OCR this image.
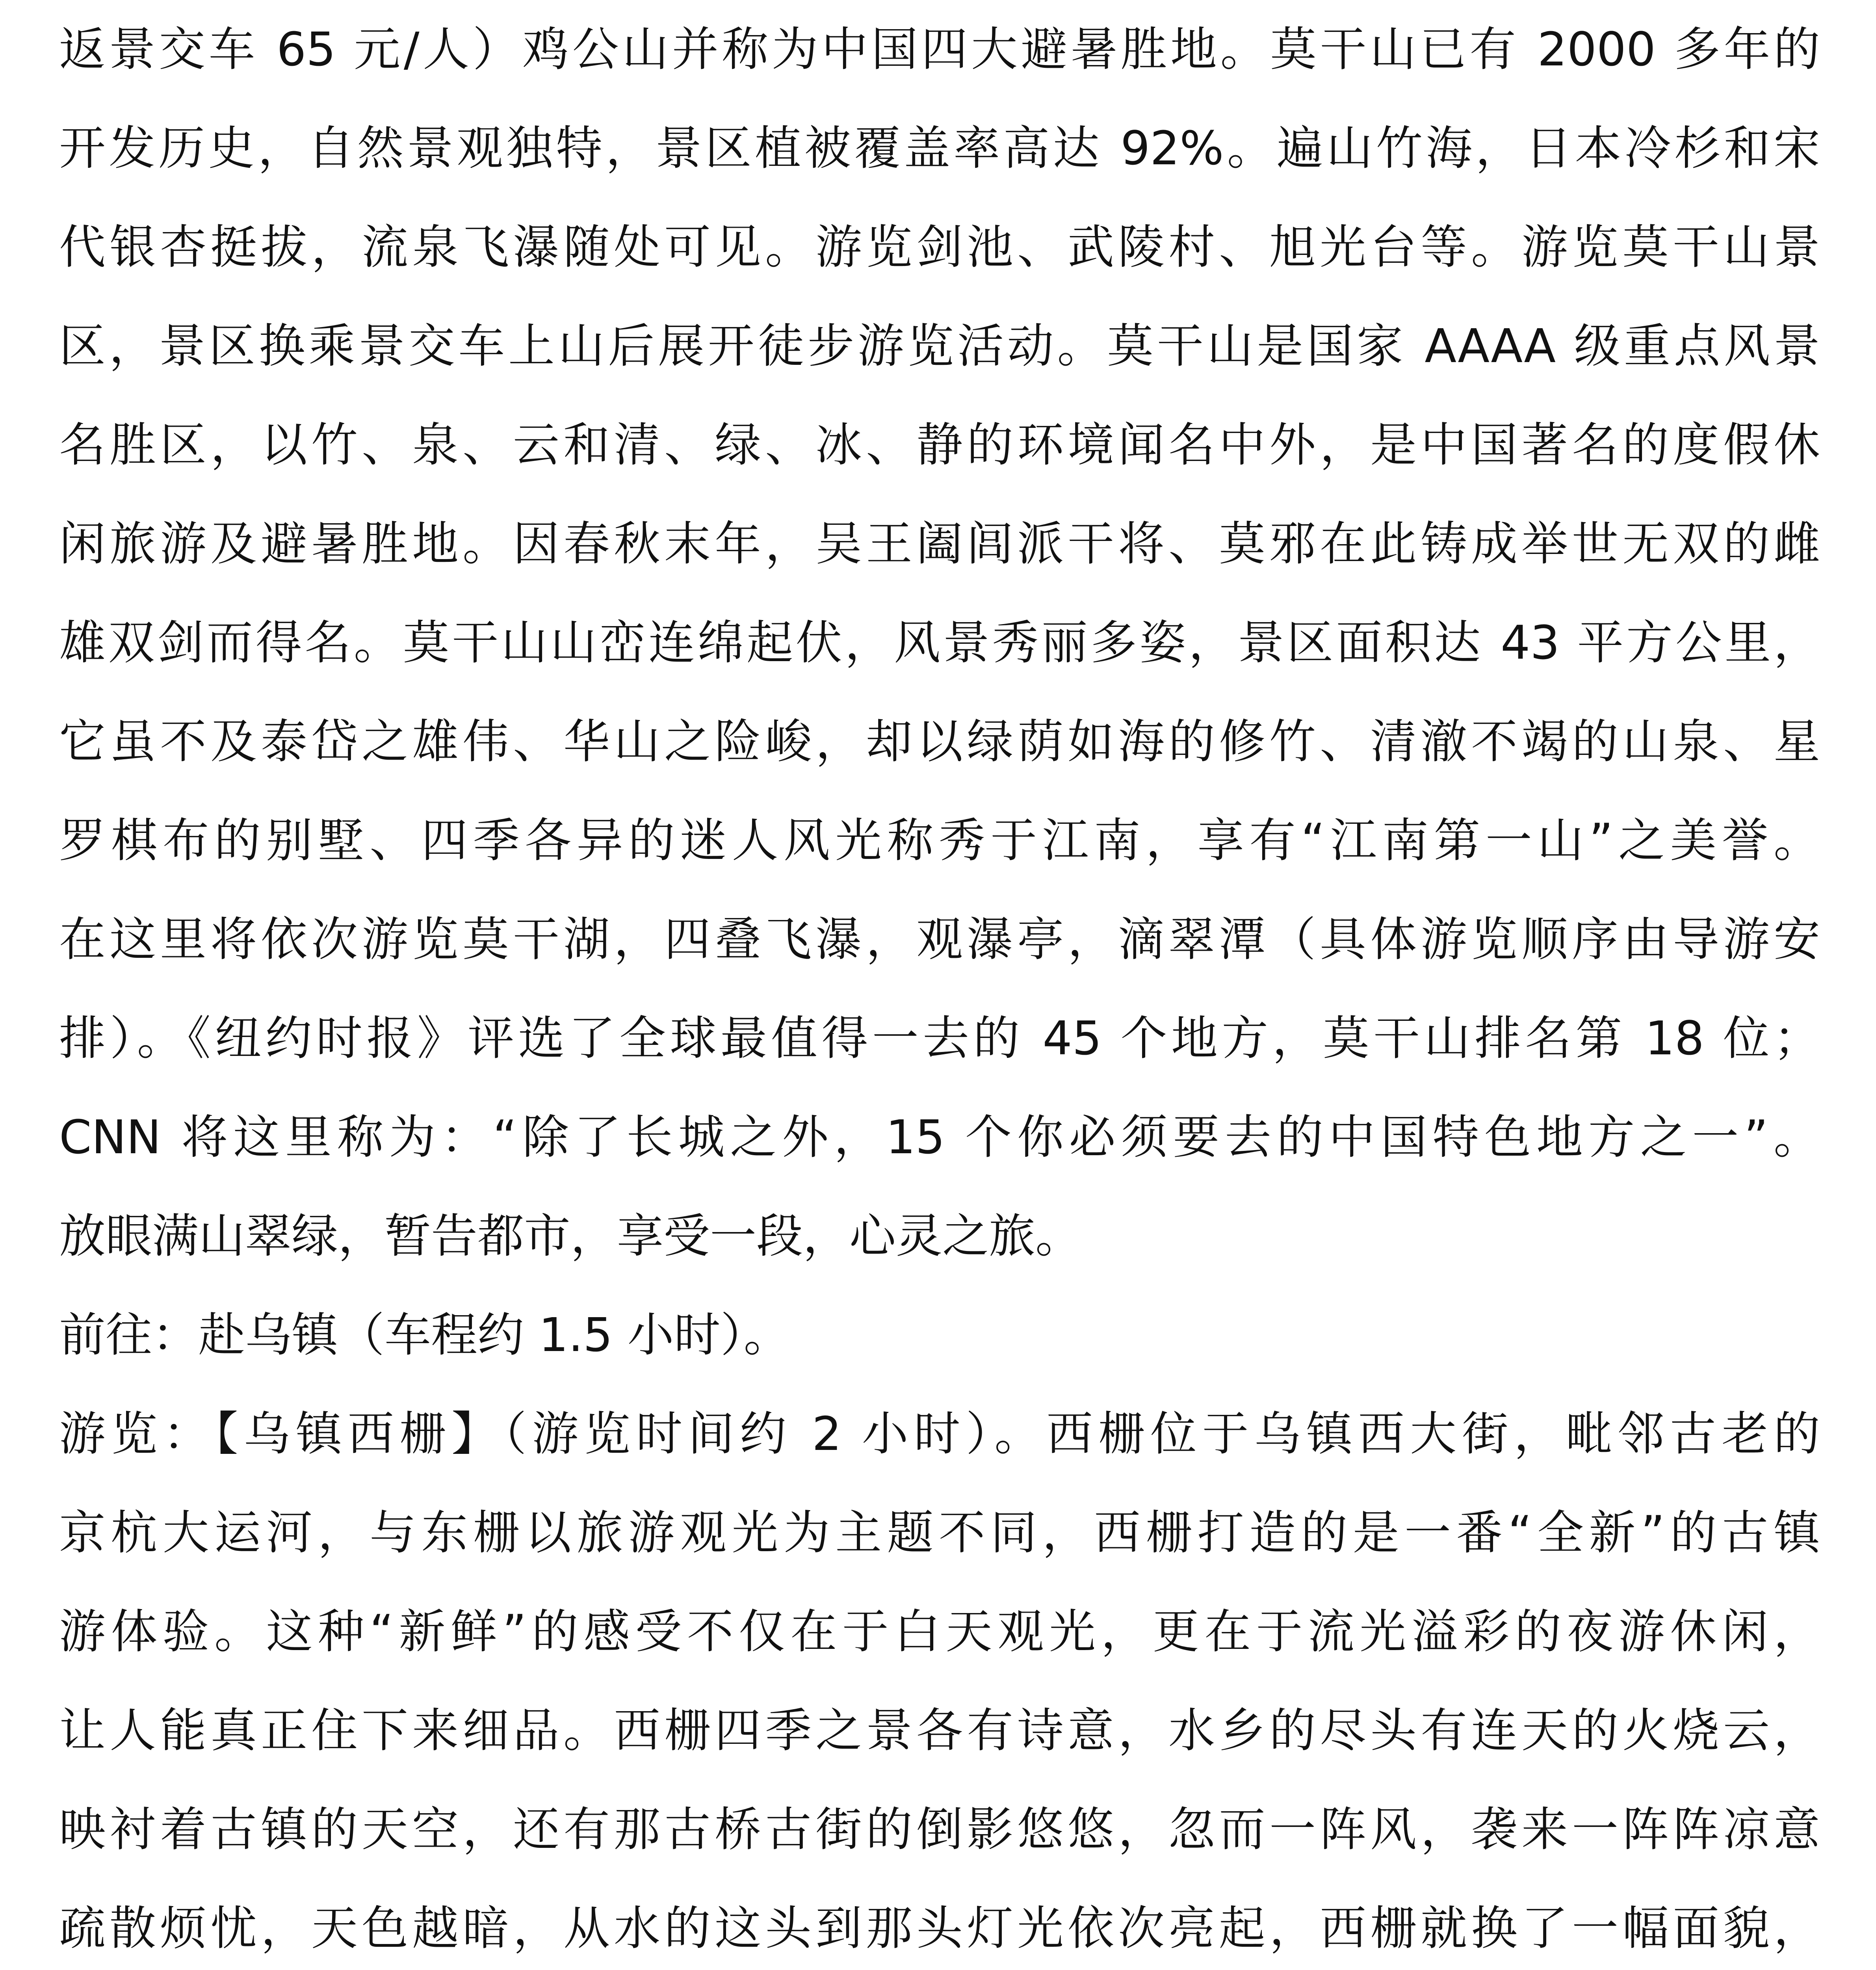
返景交车 65 元/人）鸡公山并称为中国四大避暑胜地。莫干山已有 2000 多年的
开发历史，自然景观独特，景区植被覆盖率高达 92%。遍山竹海，日本冷杉和宋
代银杏挺拔，流泉飞瀑随处可见。游览剑池、武陵村、旭光台等。游览莫干山景
区，景区换乘景交车上山后展开徒步游览活动。莫干山是国家 AAAA 级重点风景
名胜区，以竹、泉、云和清、绿、冰、静的环境闻名中外，是中国著名的度假休
闲旅游及避暑胜地。因春秋末年，吴王阖闾派干将、莫邪在此铸成举世无双的雌
雄双剑而得名。莫干山山峦连绵起伏，风景秀丽多姿，景区面积达 43 平方公里，
它虽不及泰岱之雄伟、华山之险峻，却以绿荫如海的修竹、清澈不竭的山泉、星
罗棋布的别墅、四季各异的迷人风光称秀于江南，享有“江南第一山”之美誉。
在这里将依次游览莫干湖，四叠飞瀑，观瀑亭，滴翠潭（具体游览顺序由导游安
排）。《纽约时报》评选了全球最值得一去的 45 个地方，莫干山排名第 18 位；
CNN 将这里称为：“除了长城之外，15 个你必须要去的中国特色地方之一”。
放眼满山翠绿，暂告都市，享受一段，心灵之旅。
前往：赴乌镇（车程约 1.5 小时）。
游览：【乌镇西栅】（游览时间约 2 小时）。西栅位于乌镇西大街，毗邻古老的
京杭大运河，与东栅以旅游观光为主题不同，西栅打造的是一番“全新”的古镇
游体验。这种“新鲜”的感受不仅在于白天观光，更在于流光溢彩的夜游休闲，
让人能真正住下来细品。西栅四季之景各有诗意，水乡的尽头有连天的火烧云，
映衬着古镇的天空，还有那古桥古街的倒影悠悠，忽而一阵风，袭来一阵阵凉意
疏散烦忧，天色越暗，从水的这头到那头灯光依次亮起，西栅就换了一幅面貌，
